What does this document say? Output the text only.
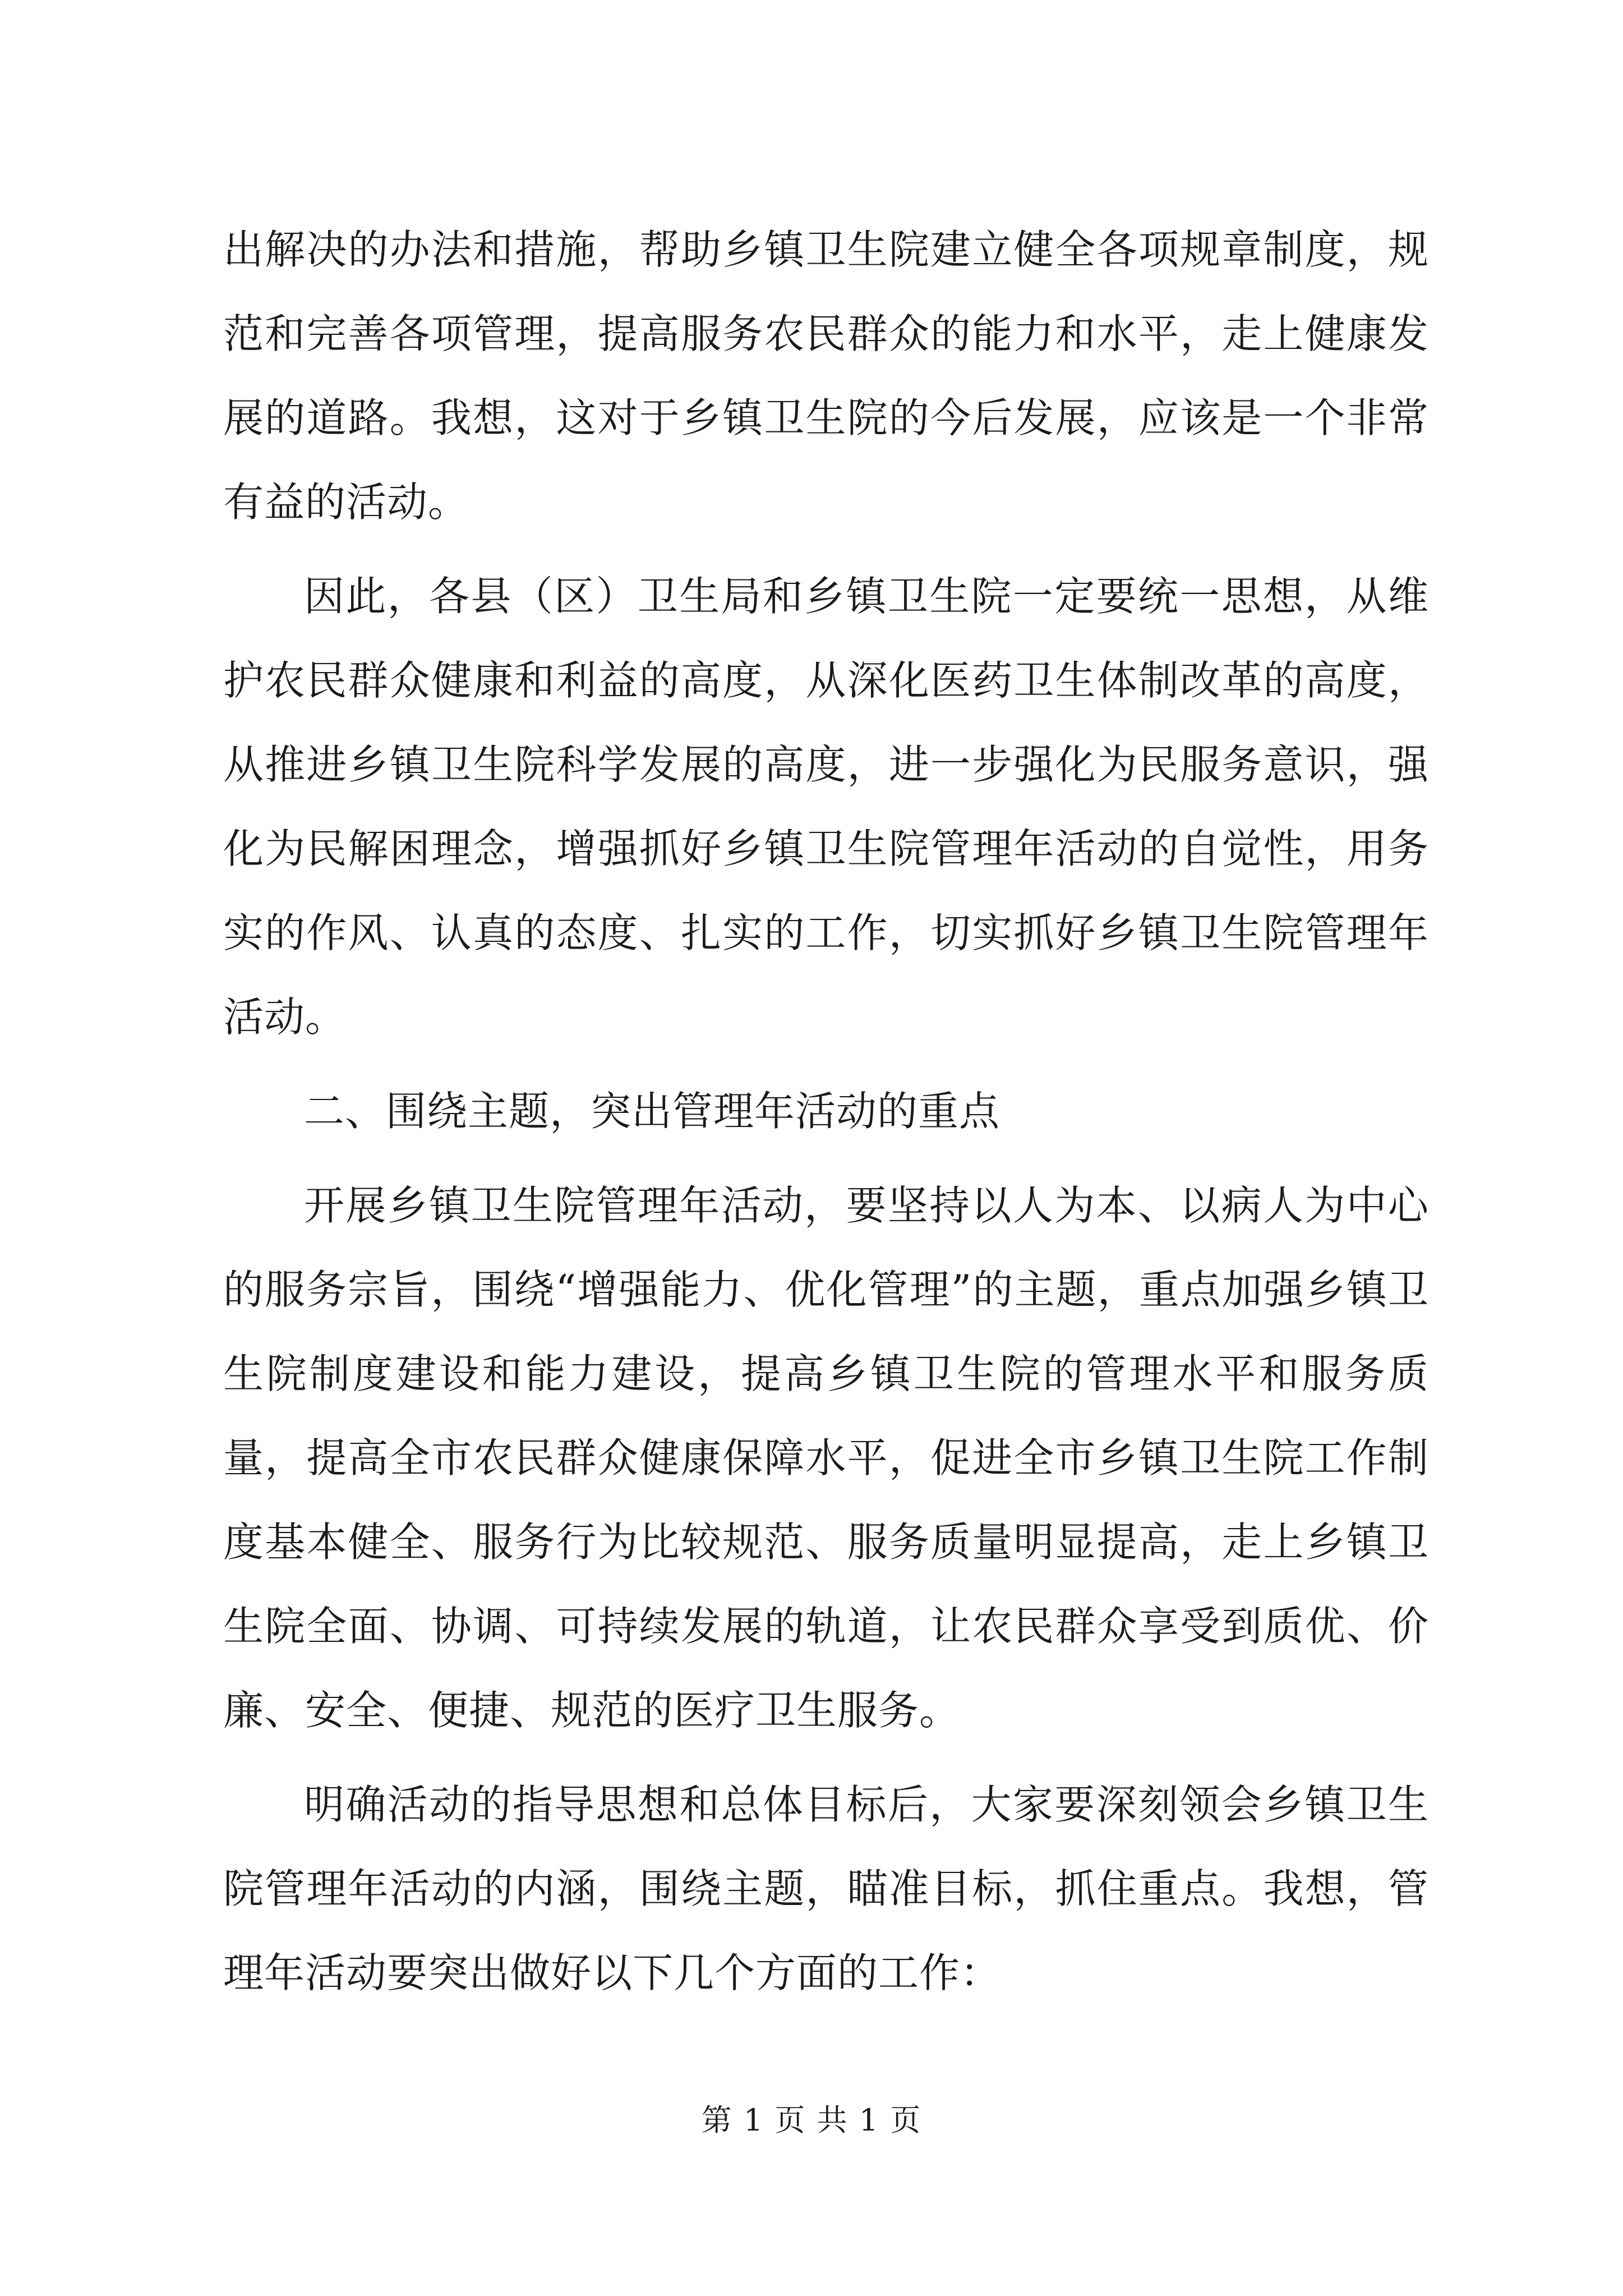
出解决的办法和措施，帮助乡镇卫生院建立健全各项规章制度，规范和完善各项管理，提高服务农民群众的能力和水平，走上健康发展的道路。我想，这对于乡镇卫生院的今后发展，应该是一个非常有益的活动。

因此，各县（区）卫生局和乡镇卫生院一定要统一思想，从维护农民群众健康和利益的高度，从深化医药卫生体制改革的高度，从推进乡镇卫生院科学发展的高度，进一步强化为民服务意识，强化为民解困理念，增强抓好乡镇卫生院管理年活动的自觉性，用务实的作风、认真的态度、扎实的工作，切实抓好乡镇卫生院管理年活动。

二、围绕主题，突出管理年活动的重点

开展乡镇卫生院管理年活动，要坚持以人为本、以病人为中心的服务宗旨，围绕“增强能力、优化管理”的主题，重点加强乡镇卫生院制度建设和能力建设，提高乡镇卫生院的管理水平和服务质量，提高全市农民群众健康保障水平，促进全市乡镇卫生院工作制度基本健全、服务行为比较规范、服务质量明显提高，走上乡镇卫生院全面、协调、可持续发展的轨道，让农民群众享受到质优、价廉、安全、便捷、规范的医疗卫生服务。

明确活动的指导思想和总体目标后，大家要深刻领会乡镇卫生院管理年活动的内涵，围绕主题，瞄准目标，抓住重点。我想，管理年活动要突出做好以下几个方面的工作：

第 1 页 共 1 页
